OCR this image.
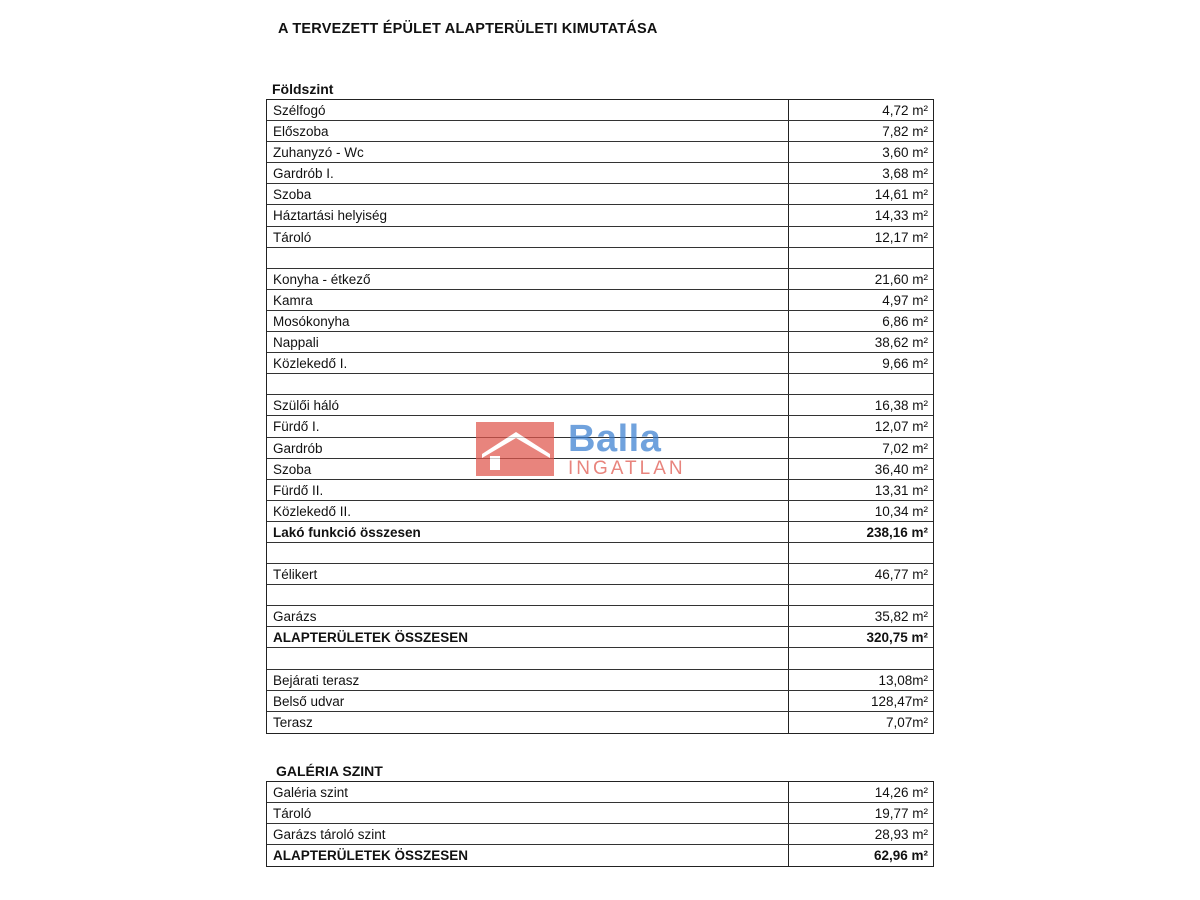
A TERVEZETT ÉPÜLET ALAPTERÜLETI KIMUTATÁSA
Földszint
Szélfogó	4,72 m²
Előszoba	7,82 m²
Zuhanyzó - Wc	3,60 m²
Gardrób I.	3,68 m²
Szoba	14,61 m²
Háztartási helyiség	14,33 m²
Tároló	12,17 m²
Konyha - étkező	21,60 m²
Kamra	4,97 m²
Mosókonyha	6,86 m²
Nappali	38,62 m²
Közlekedő I.	9,66 m²
Szülői háló	16,38 m²
Fürdő I.	12,07 m²
Gardrób	7,02 m²
Szoba	36,40 m²
Fürdő II.	13,31 m²
Közlekedő II.	10,34 m²
Lakó funkció összesen	238,16 m²
Télikert	46,77 m²
Garázs	35,82 m²
ALAPTERÜLETEK ÖSSZESEN	320,75 m²
Bejárati terasz	13,08m²
Belső udvar	128,47m²
Terasz	7,07m²
GALÉRIA SZINT
Galéria szint	14,26 m²
Tároló	19,77 m²
Garázs tároló szint	28,93 m²
ALAPTERÜLETEK ÖSSZESEN	62,96 m²
Balla
INGATLAN
